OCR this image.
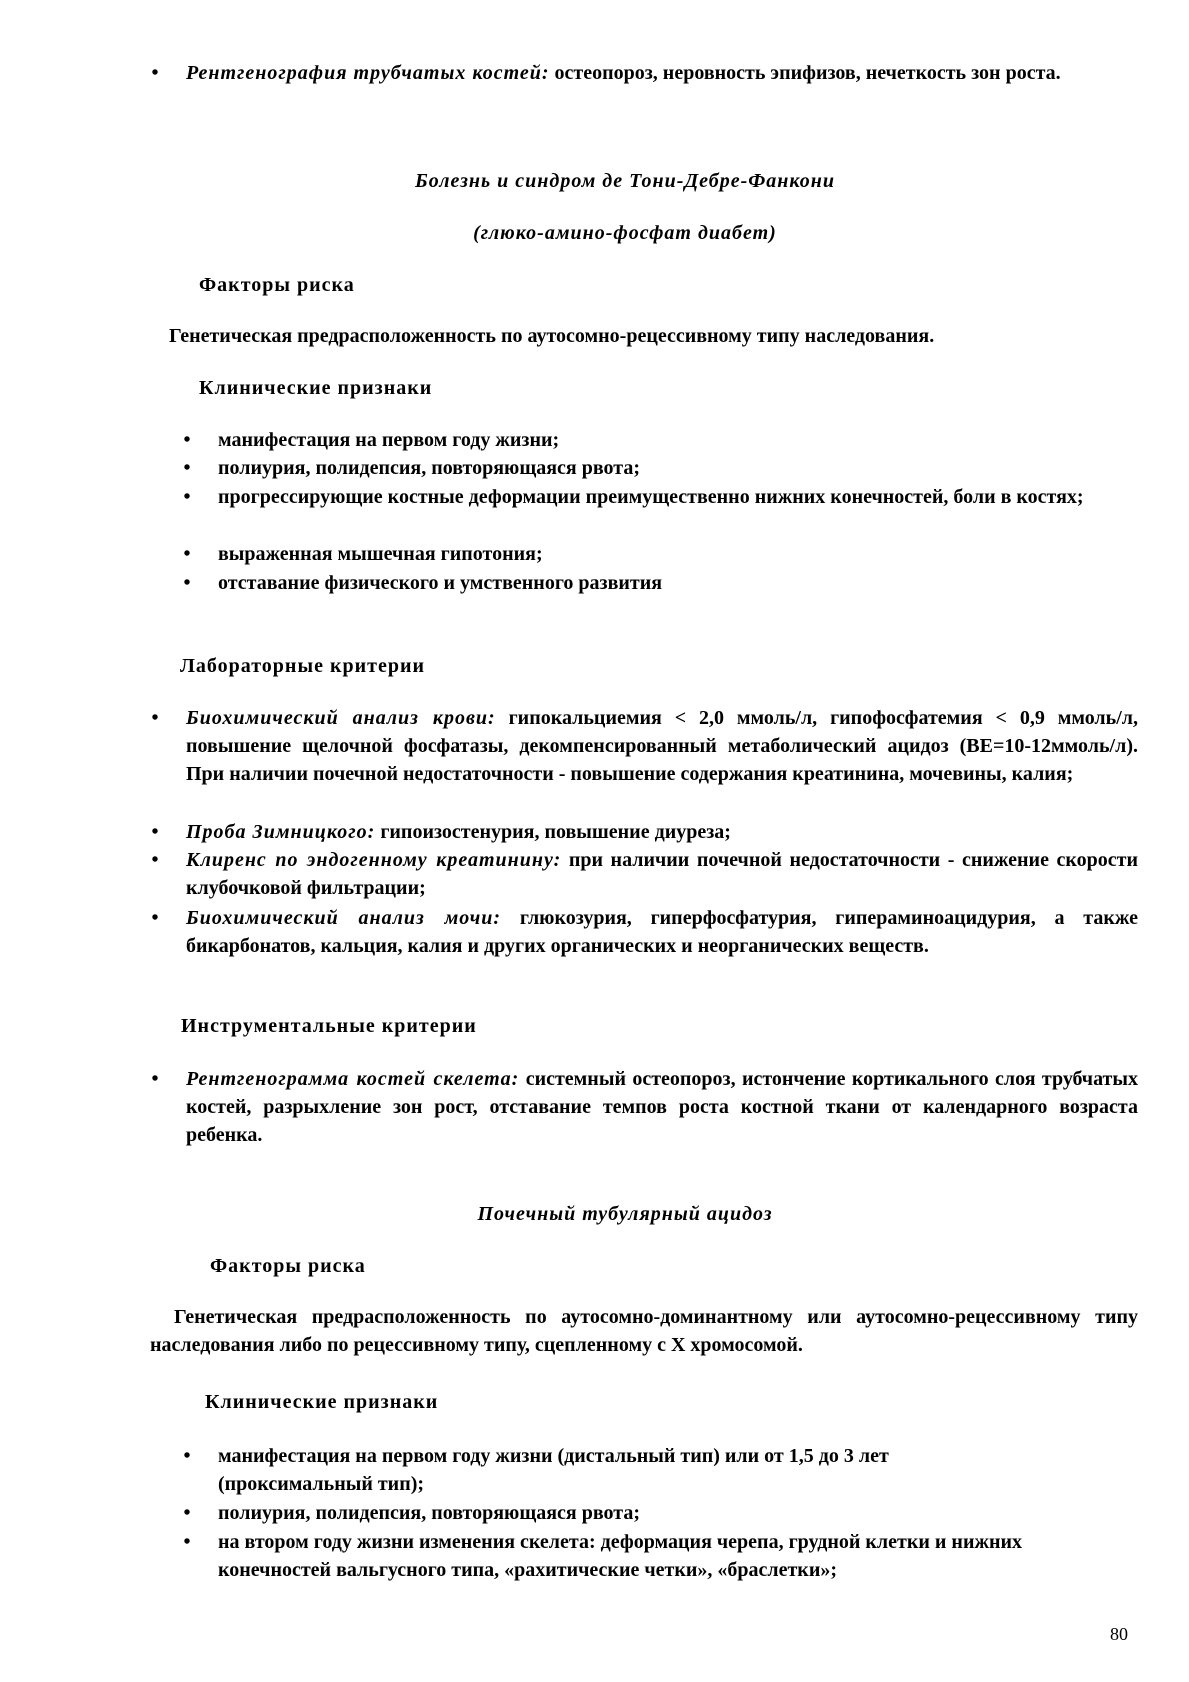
•	Рентгенография трубчатых костей: остеопороз, неровность эпифизов, нечеткость зон роста.
Болезнь и синдром де Тони-Дебре-Фанкони
(глюко-амино-фосфат диабет)
Факторы риска
Генетическая предрасположенность по аутосомно-рецессивному типу наследования.
Клинические признаки
•	манифестация на первом году жизни;
•	полиурия, полидепсия, повторяющаяся рвота;
•	прогрессирующие костные деформации преимущественно нижних конечностей, боли в костях;
•	выраженная мышечная гипотония;
•	отставание физического и умственного развития
Лабораторные критерии
•	Биохимический анализ крови: гипокальциемия < 2,0 ммоль/л, гипофосфатемия < 0,9 ммоль/л, повышение щелочной фосфатазы, декомпенсированный метаболический ацидоз (ВЕ=10-12ммоль/л). При наличии почечной недостаточности - повышение содержания креатинина, мочевины, калия;
•	Проба Зимницкого: гипоизостенурия, повышение диуреза;
•	Клиренс по эндогенному креатинину: при наличии почечной недостаточности - снижение скорости клубочковой фильтрации;
•	Биохимический анализ мочи: глюкозурия, гиперфосфатурия, гипераминоацидурия, а также бикарбонатов, кальция, калия и других органических и неорганических веществ.
Инструментальные критерии
•	Рентгенограмма костей скелета: системный остеопороз, истончение кортикального слоя трубчатых костей, разрыхление зон рост, отставание темпов роста костной ткани от календарного возраста ребенка.
Почечный тубулярный ацидоз
Факторы риска
Генетическая предрасположенность по аутосомно-доминантному или аутосомно-рецессивному типу наследования либо по рецессивному типу, сцепленному с Х хромосомой.
Клинические признаки
•	манифестация на первом году жизни (дистальный тип) или от 1,5 до 3 лет (проксимальный тип);
•	полиурия, полидепсия, повторяющаяся рвота;
•	на втором году жизни изменения скелета: деформация черепа, грудной клетки и нижних конечностей вальгусного типа, «рахитические четки», «браслетки»;
80
